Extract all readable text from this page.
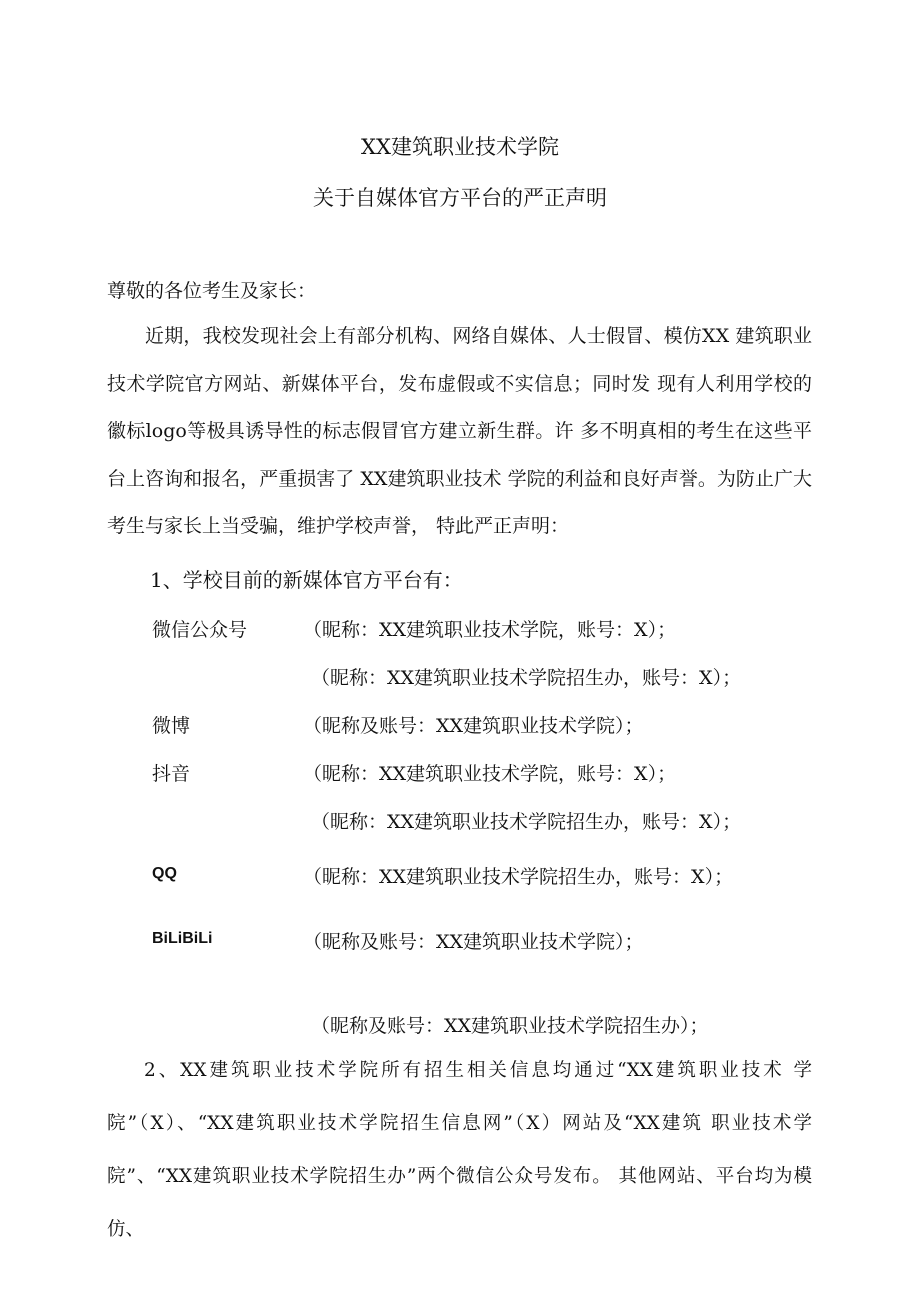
XX建筑职业技术学院
关于自媒体官方平台的严正声明
尊敬的各位考生及家长：
近期，我校发现社会上有部分机构、网络自媒体、人士假冒、模仿XX 建筑职业技术学院官方网站、新媒体平台，发布虚假或不实信息；同时发 现有人利用学校的徽标logo等极具诱导性的标志假冒官方建立新生群。许 多不明真相的考生在这些平台上咨询和报名，严重损害了 XX建筑职业技术 学院的利益和良好声誉。为防止广大考生与家长上当受骗，维护学校声誉， 特此严正声明：
1、学校目前的新媒体官方平台有：
微信公众号	（昵称：XX建筑职业技术学院，账号：X）；
（昵称：XX建筑职业技术学院招生办，账号：X）；
微博	（昵称及账号：XX建筑职业技术学院）；
抖音	（昵称：XX建筑职业技术学院，账号：X）；
（昵称：XX建筑职业技术学院招生办，账号：X）；
QQ	（昵称：XX建筑职业技术学院招生办，账号：X）；
BiLiBiLi	（昵称及账号：XX建筑职业技术学院）；
（昵称及账号：XX建筑职业技术学院招生办）；
2、XX建筑职业技术学院所有招生相关信息均通过“XX建筑职业技术 学院”（X）、“XX建筑职业技术学院招生信息网”（X）网站及“XX建筑 职业技术学院”、“XX建筑职业技术学院招生办”两个微信公众号发布。 其他网站、平台均为模仿、
